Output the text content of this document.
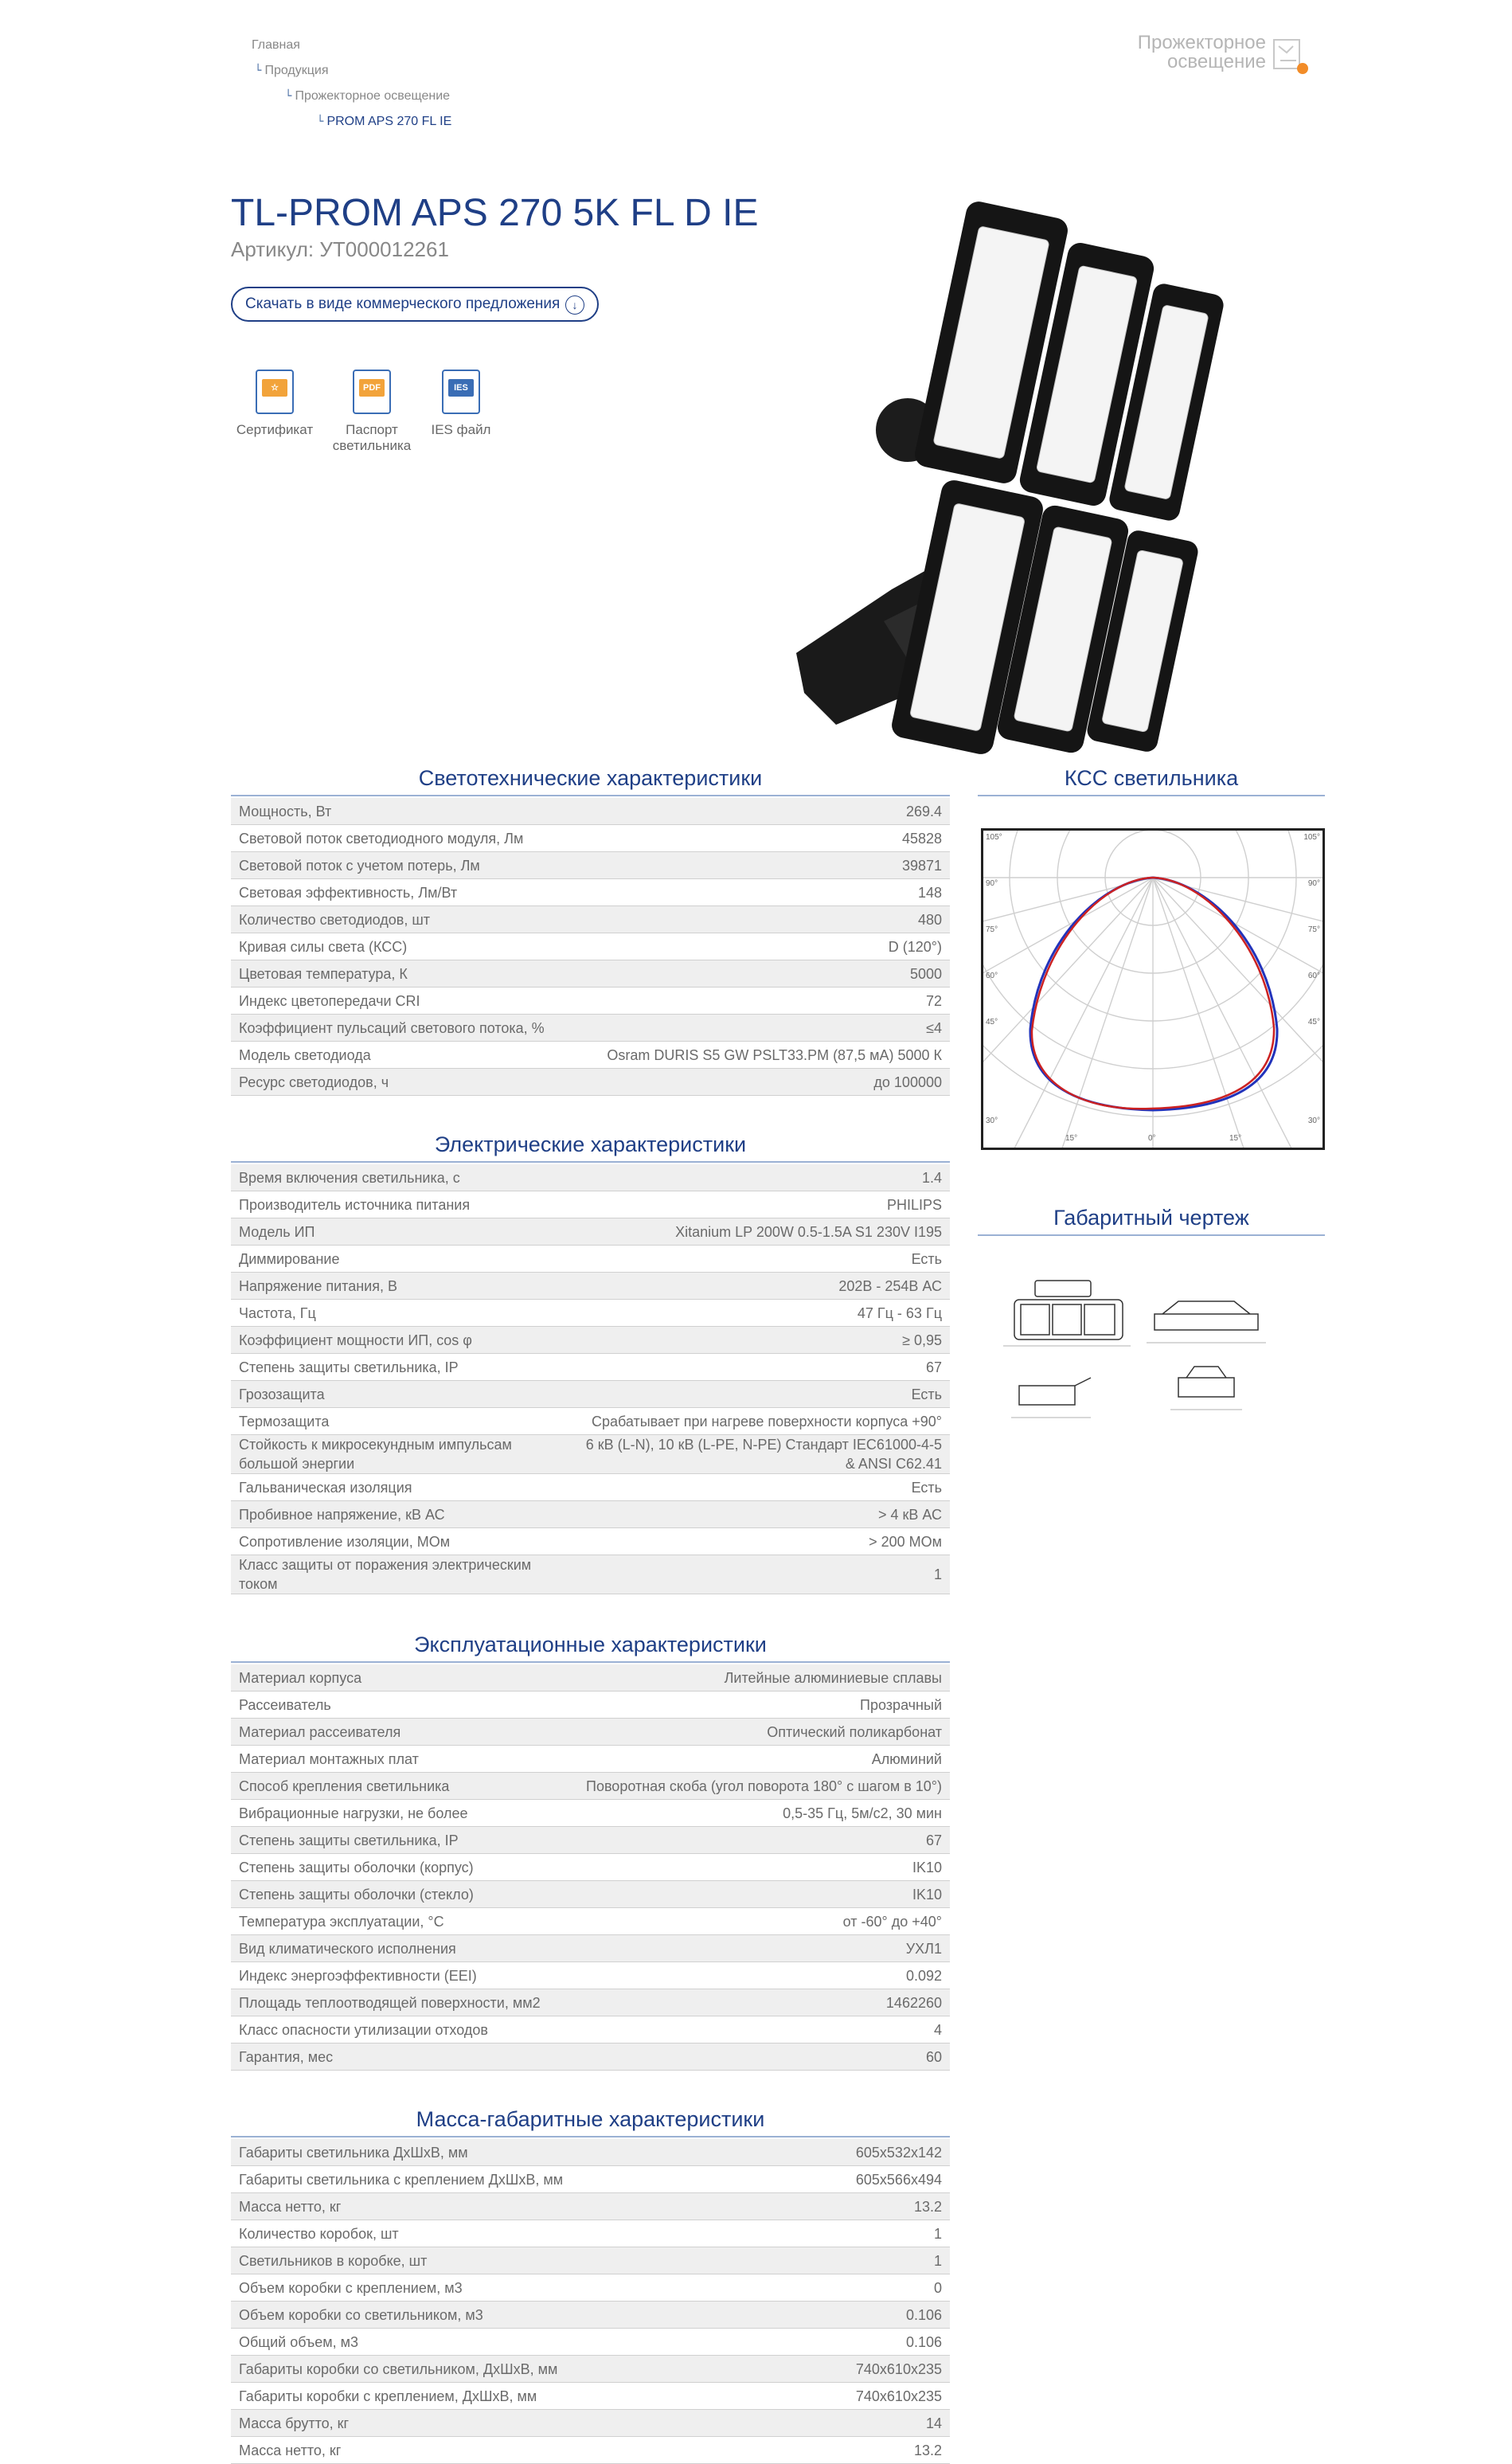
Главная
└ Продукция
└ Прожекторное освещение
└ PROM APS 270 FL IE
Прожекторное
освещение
TL-PROM APS 270 5K FL D IE
Артикул: УТ000012261
Скачать в виде коммерческого предложения	↓
☆
Сертификат
PDF
Паспорт светильника
IES
IES файл
Светотехнические характеристики
Мощность, Вт	269.4
Световой поток светодиодного модуля, Лм	45828
Световой поток с учетом потерь, Лм	39871
Световая эффективность, Лм/Вт	148
Количество светодиодов, шт	480
Кривая силы света (КСС)	D (120°)
Цветовая температура, К	5000
Индекс цветопередачи CRI	72
Коэффициент пульсаций светового потока, %	≤4
Модель светодиода	Osram DURIS S5 GW PSLT33.PM (87,5 мА) 5000 К
Ресурс светодиодов, ч	до 100000
КСС светильника
105°
90°
75°
60°
45°
30°
105°
90°
75°
60°
45°
30°
15°	0°	15°
Габаритный чертеж
Электрические характеристики
Время включения светильника, с	1.4
Производитель источника питания	PHILIPS
Модель ИП	Xitanium LP 200W 0.5-1.5A S1 230V I195
Диммирование	Есть
Напряжение питания, В	202В - 254В АС
Частота, Гц	47 Гц - 63 Гц
Коэффициент мощности ИП, cos φ	≥ 0,95
Степень защиты светильника, IP	67
Грозозащита	Есть
Термозащита	Срабатывает при нагреве поверхности корпуса +90°
Стойкость к микросекундным импульсам большой энергии	6 кВ (L-N), 10 кВ (L-PE, N-PE) Стандарт IEC61000-4-5 & ANSI C62.41
Гальваническая изоляция	Есть
Пробивное напряжение, кВ АС	> 4 кВ АС
Сопротивление изоляции, МОм	> 200 МОм
Класс защиты от поражения электрическим током	1
Эксплуатационные характеристики
Материал корпуса	Литейные алюминиевые сплавы
Рассеиватель	Прозрачный
Материал рассеивателя	Оптический поликарбонат
Материал монтажных плат	Алюминий
Способ крепления светильника	Поворотная скоба (угол поворота 180° с шагом в 10°)
Вибрационные нагрузки, не более	0,5-35 Гц, 5м/с2, 30 мин
Степень защиты светильника, IP	67
Степень защиты оболочки (корпус)	IK10
Степень защиты оболочки (стекло)	IK10
Температура эксплуатации, °С	от -60° до +40°
Вид климатического исполнения	УХЛ1
Индекс энергоэффективности (EEI)	0.092
Площадь теплоотводящей поверхности, мм2	1462260
Класс опасности утилизации отходов	4
Гарантия, мес	60
Масса-габаритные характеристики
Габариты светильника ДхШхВ, мм	605х532х142
Габариты светильника с креплением ДхШхВ, мм	605х566х494
Масса нетто, кг	13.2
Количество коробок, шт	1
Светильников в коробке, шт	1
Объем коробки с креплением, м3	0
Объем коробки со светильником, м3	0.106
Общий объем, м3	0.106
Габариты коробки со светильником, ДхШхВ, мм	740х610х235
Габариты коробки с креплением, ДхШхВ, мм	740х610х235
Масса брутто, кг	14
Масса нетто, кг	13.2
